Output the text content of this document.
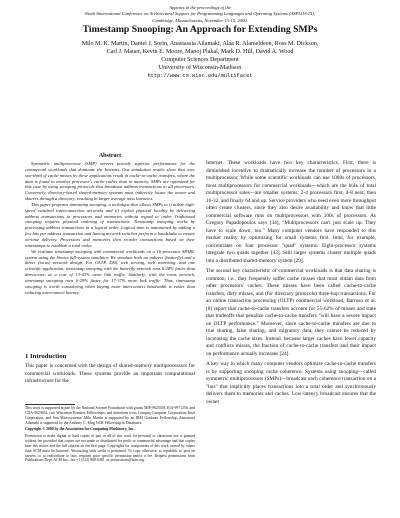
Appears in the proceedings of the
Ninth International Conference on Architectural Support for Programming Languages and Operating Systems (ASPLOS-IX),
Cambridge, Massachusetts, November 13-15, 2000.
Timestamp Snooping: An Approach for Extending SMPs
Milo M. K. Martin, Daniel J. Sorin, Anastassia Ailamaki, Alaa R. Alameldeen, Ross M. Dickson,
Carl J. Mauer, Kevin E. Moore, Manoj Plakal, Mark D. Hill, David A. Wood
Computer Sciences Department
University of Wisconsin-Madison
http://www.cs.wisc.edu/multifacet
Abstract

Symmetric multiprocessor (SMP) servers provide superior performance for the commercial workloads that dominate the Internet. Our simulation results show that over one-third of cache misses by these applications result in cache-to-cache transfers, where the data is found in another processor's cache rather than in memory. SMPs are optimized for this case by using snooping protocols that broadcast address transactions to all processors. Conversely, directory-based shared-memory systems must indirectly locate the owner and sharers through a directory, resulting in larger average miss latencies.

This paper proposes timestamp snooping, a technique that allows SMPs to i) utilize high-speed switched interconnection networks and ii) exploit physical locality by delivering address transactions to processors and memories without regard to order. Traditional snooping requires physical ordering of transactions. Timestamp snooping works by processing address transactions in a logical order. Logical time is maintained by adding a few bits per address transaction and having network switches perform a handshake to ensure on-time delivery. Processors and memories then reorder transactions based on their timestamps to establish a total order.

We evaluate timestamp snooping with commercial workloads on a 16-processor SPARC system using the Simics full-system simulator. We simulate both an indirect (butterfly) and a direct (torus) network design. For OLTP, DSS, web serving, web searching, and one scientific application, timestamp snooping with the butterfly network runs 6-28% faster than directories, at a cost of 13-43% more link traffic. Similarly, with the torus network, timestamp snooping runs 6-29% faster for 17-37% more link traffic. Thus, timestamp snooping is worth considering when buying more interconnect bandwidth is easier than reducing interconnect latency.

1 Introduction
This paper is concerned with the design of shared-memory multiprocessors for commercial workloads. These systems provide an important computational infrastructure for the

This work is supported in part by the National Science Foundation with grants MIP-9625558, EIA-9971256, and CDA-9623632, two Wisconsin Romnes Fellowships, and donations from Compaq Computer Corporation, Intel Corporation, and Sun Microsystems. Milo Martin is supported by an IBM Graduate Fellowship. Anastassia Ailamaki is supported by the Anthony C. Klug NCR Fellowship in Databases.

Copyright © 2000 by the Association for Computing Machinery, Inc.

Permission to make digital or hard copies of part or all of this work for personal or classroom use is granted without fee provided that copies are not made or distributed for profit or commercial advantage and that copies bear this notice and the full citation on the first page. Copyrights for components of this work owned by others than ACM must be honored. Abstracting with credit is permitted. To copy otherwise, to republish, to post on servers, or to redistribute to lists, requires prior specific permission and/or a fee. Request permissions from Publications Dept, ACM Inc., fax +1 (212) 869-0481, or permissions@acm.org.

Internet. These workloads have two key characteristics. First, there is diminished incentive to dramatically increase the number of processors in a multiprocessor. While some scientific workloads can use 1000s of processors, most multiprocessors for commercial workloads—which are the bulk of total multiprocessor sales—are smaller systems: 2-4 processors first, 4-8 next, then 16-32, and finally 64 and up. Service providers who need even more throughput often create clusters, since they also desire availability and know that little commercial software runs on multiprocessors with 100s of processors. As Gregory Papadopoulos says [34], "Multiprocessors can't just scale up. They have to scale down, too." Many computer vendors have responded to this market reality by optimizing for small systems first. Intel, for example, concentrates on four processor "quad" systems. Eight-processor systems integrate two quads together [43]. Still larger systems cluster multiple quads into a distributed shared-memory system [29].

The second key characteristic of commercial workloads is that data sharing is common; i.e., they frequently suffer cache misses that must obtain data from other processors' caches. These misses have been called cache-to-cache transfers, dirty misses, and (for directory protocols) three-hop transactions. For an online transaction processing (OLTP) commercial workload, Barroso et al. [8] report that cache-to-cache transfers account for 55-62% of misses and state that tradeoffs that penalize cache-to-cache transfers "will have a severe impact on OLTP performance." Moreover, since cache-to-cache transfers are due to true sharing, false sharing, and migratory data, they cannot be reduced by increasing the cache sizes. Instead, because larger caches have fewer capacity and conflicts misses, the fraction of cache-to-cache transfers and their impact on performance actually increases [24].

A key way in which many computer vendors optimize cache-to-cache transfers is by supporting snooping cache coherence. Systems using snooping—called symmetric multiprocessors (SMPs)—broadcast each coherence transaction on a "bus" that implicitly places transactions into a total order and synchronously delivers them to memories and caches. Low-latency broadcast ensures that the owner
